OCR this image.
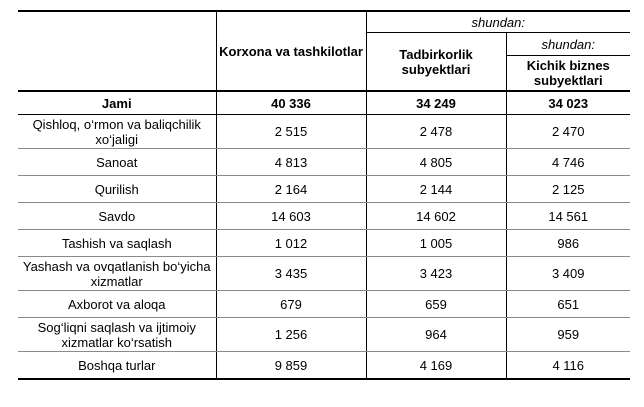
	Korxona va tashkilotlar	shundan:	
		Tadbirkorlik subyektlari	shundan:
			Kichik biznes subyektlari
Jami	40 336	34 249	34 023
Qishloq, o‘rmon va baliqchilik xo‘jaligi	2 515	2 478	2 470
Sanoat	4 813	4 805	4 746
Qurilish	2 164	2 144	2 125
Savdo	14 603	14 602	14 561
Tashish va saqlash	1 012	1 005	986
Yashash va ovqatlanish bo‘yicha xizmatlar	3 435	3 423	3 409
Axborot va aloqa	679	659	651
Sog‘liqni saqlash va ijtimoiy xizmatlar ko‘rsatish	1 256	964	959
Boshqa turlar	9 859	4 169	4 116
